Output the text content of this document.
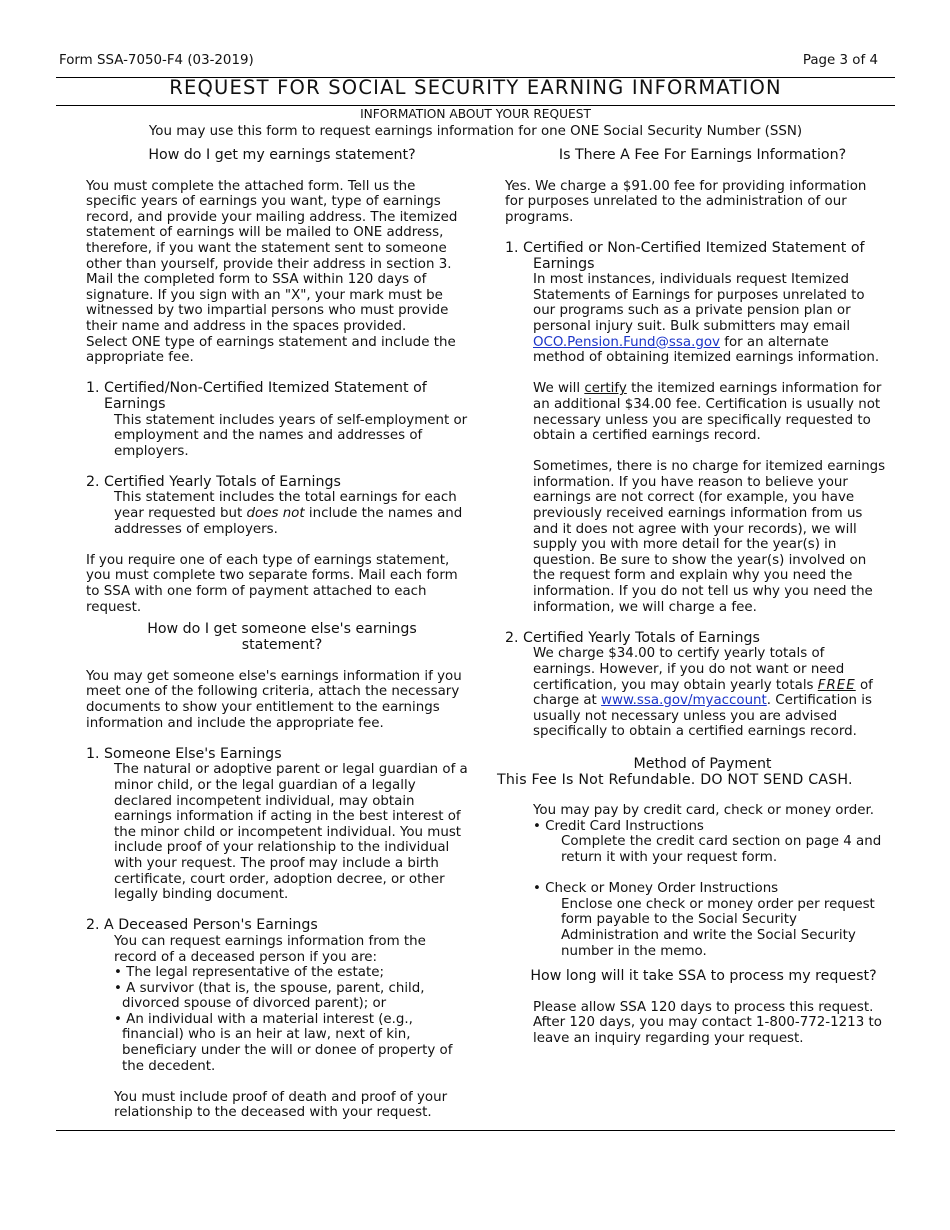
Form SSA-7050-F4 (03-2019)	Page 3 of 4
REQUEST FOR SOCIAL SECURITY EARNING INFORMATION
INFORMATION ABOUT YOUR REQUEST
You may use this form to request earnings information for one ONE Social Security Number (SSN)

How do I get my earnings statement?

You must complete the attached form. Tell us the

specific years of earnings you want, type of earnings

record, and provide your mailing address. The itemized

statement of earnings will be mailed to ONE address,

therefore, if you want the statement sent to someone

other than yourself, provide their address in section 3.

Mail the completed form to SSA within 120 days of

signature. If you sign with an "X", your mark must be

witnessed by two impartial persons who must provide

their name and address in the spaces provided.

Select ONE type of earnings statement and include the

appropriate fee.

1. Certified/Non-Certified Itemized Statement of

Earnings

This statement includes years of self-employment or

employment and the names and addresses of

employers.

2. Certified Yearly Totals of Earnings

This statement includes the total earnings for each

year requested but does not include the names and

addresses of employers.

If you require one of each type of earnings statement,

you must complete two separate forms. Mail each form

to SSA with one form of payment attached to each

request.

How do I get someone else's earnings

statement?

You may get someone else's earnings information if you

meet one of the following criteria, attach the necessary

documents to show your entitlement to the earnings

information and include the appropriate fee.

1. Someone Else's Earnings

The natural or adoptive parent or legal guardian of a

minor child, or the legal guardian of a legally

declared incompetent individual, may obtain

earnings information if acting in the best interest of

the minor child or incompetent individual. You must

include proof of your relationship to the individual

with your request. The proof may include a birth

certificate, court order, adoption decree, or other

legally binding document.

2. A Deceased Person's Earnings

You can request earnings information from the

record of a deceased person if you are:

• The legal representative of the estate;

• A survivor (that is, the spouse, parent, child,
divorced spouse of divorced parent); or

• An individual with a material interest (e.g.,
financial) who is an heir at law, next of kin,
beneficiary under the will or donee of property of
the decedent.

You must include proof of death and proof of your

relationship to the deceased with your request.

Is There A Fee For Earnings Information?

Yes. We charge a $91.00 fee for providing information

for purposes unrelated to the administration of our

programs.

1. Certified or Non-Certified Itemized Statement of

Earnings

In most instances, individuals request Itemized

Statements of Earnings for purposes unrelated to

our programs such as a private pension plan or

personal injury suit. Bulk submitters may email

OCO.Pension.Fund@ssa.gov for an alternate

method of obtaining itemized earnings information.

We will certify the itemized earnings information for

an additional $34.00 fee. Certification is usually not

necessary unless you are specifically requested to

obtain a certified earnings record.

Sometimes, there is no charge for itemized earnings

information. If you have reason to believe your

earnings are not correct (for example, you have

previously received earnings information from us

and it does not agree with your records), we will

supply you with more detail for the year(s) in

question. Be sure to show the year(s) involved on

the request form and explain why you need the

information. If you do not tell us why you need the

information, we will charge a fee.

2. Certified Yearly Totals of Earnings

We charge $34.00 to certify yearly totals of

earnings. However, if you do not want or need

certification, you may obtain yearly totals FREE of

charge at www.ssa.gov/myaccount. Certification is

usually not necessary unless you are advised

specifically to obtain a certified earnings record.

Method of Payment

This Fee Is Not Refundable. DO NOT SEND CASH.

You may pay by credit card, check or money order.

• Credit Card Instructions

Complete the credit card section on page 4 and

return it with your request form.

• Check or Money Order Instructions

Enclose one check or money order per request

form payable to the Social Security

Administration and write the Social Security

number in the memo.

How long will it take SSA to process my request?

Please allow SSA 120 days to process this request.

After 120 days, you may contact 1-800-772-1213 to

leave an inquiry regarding your request.
